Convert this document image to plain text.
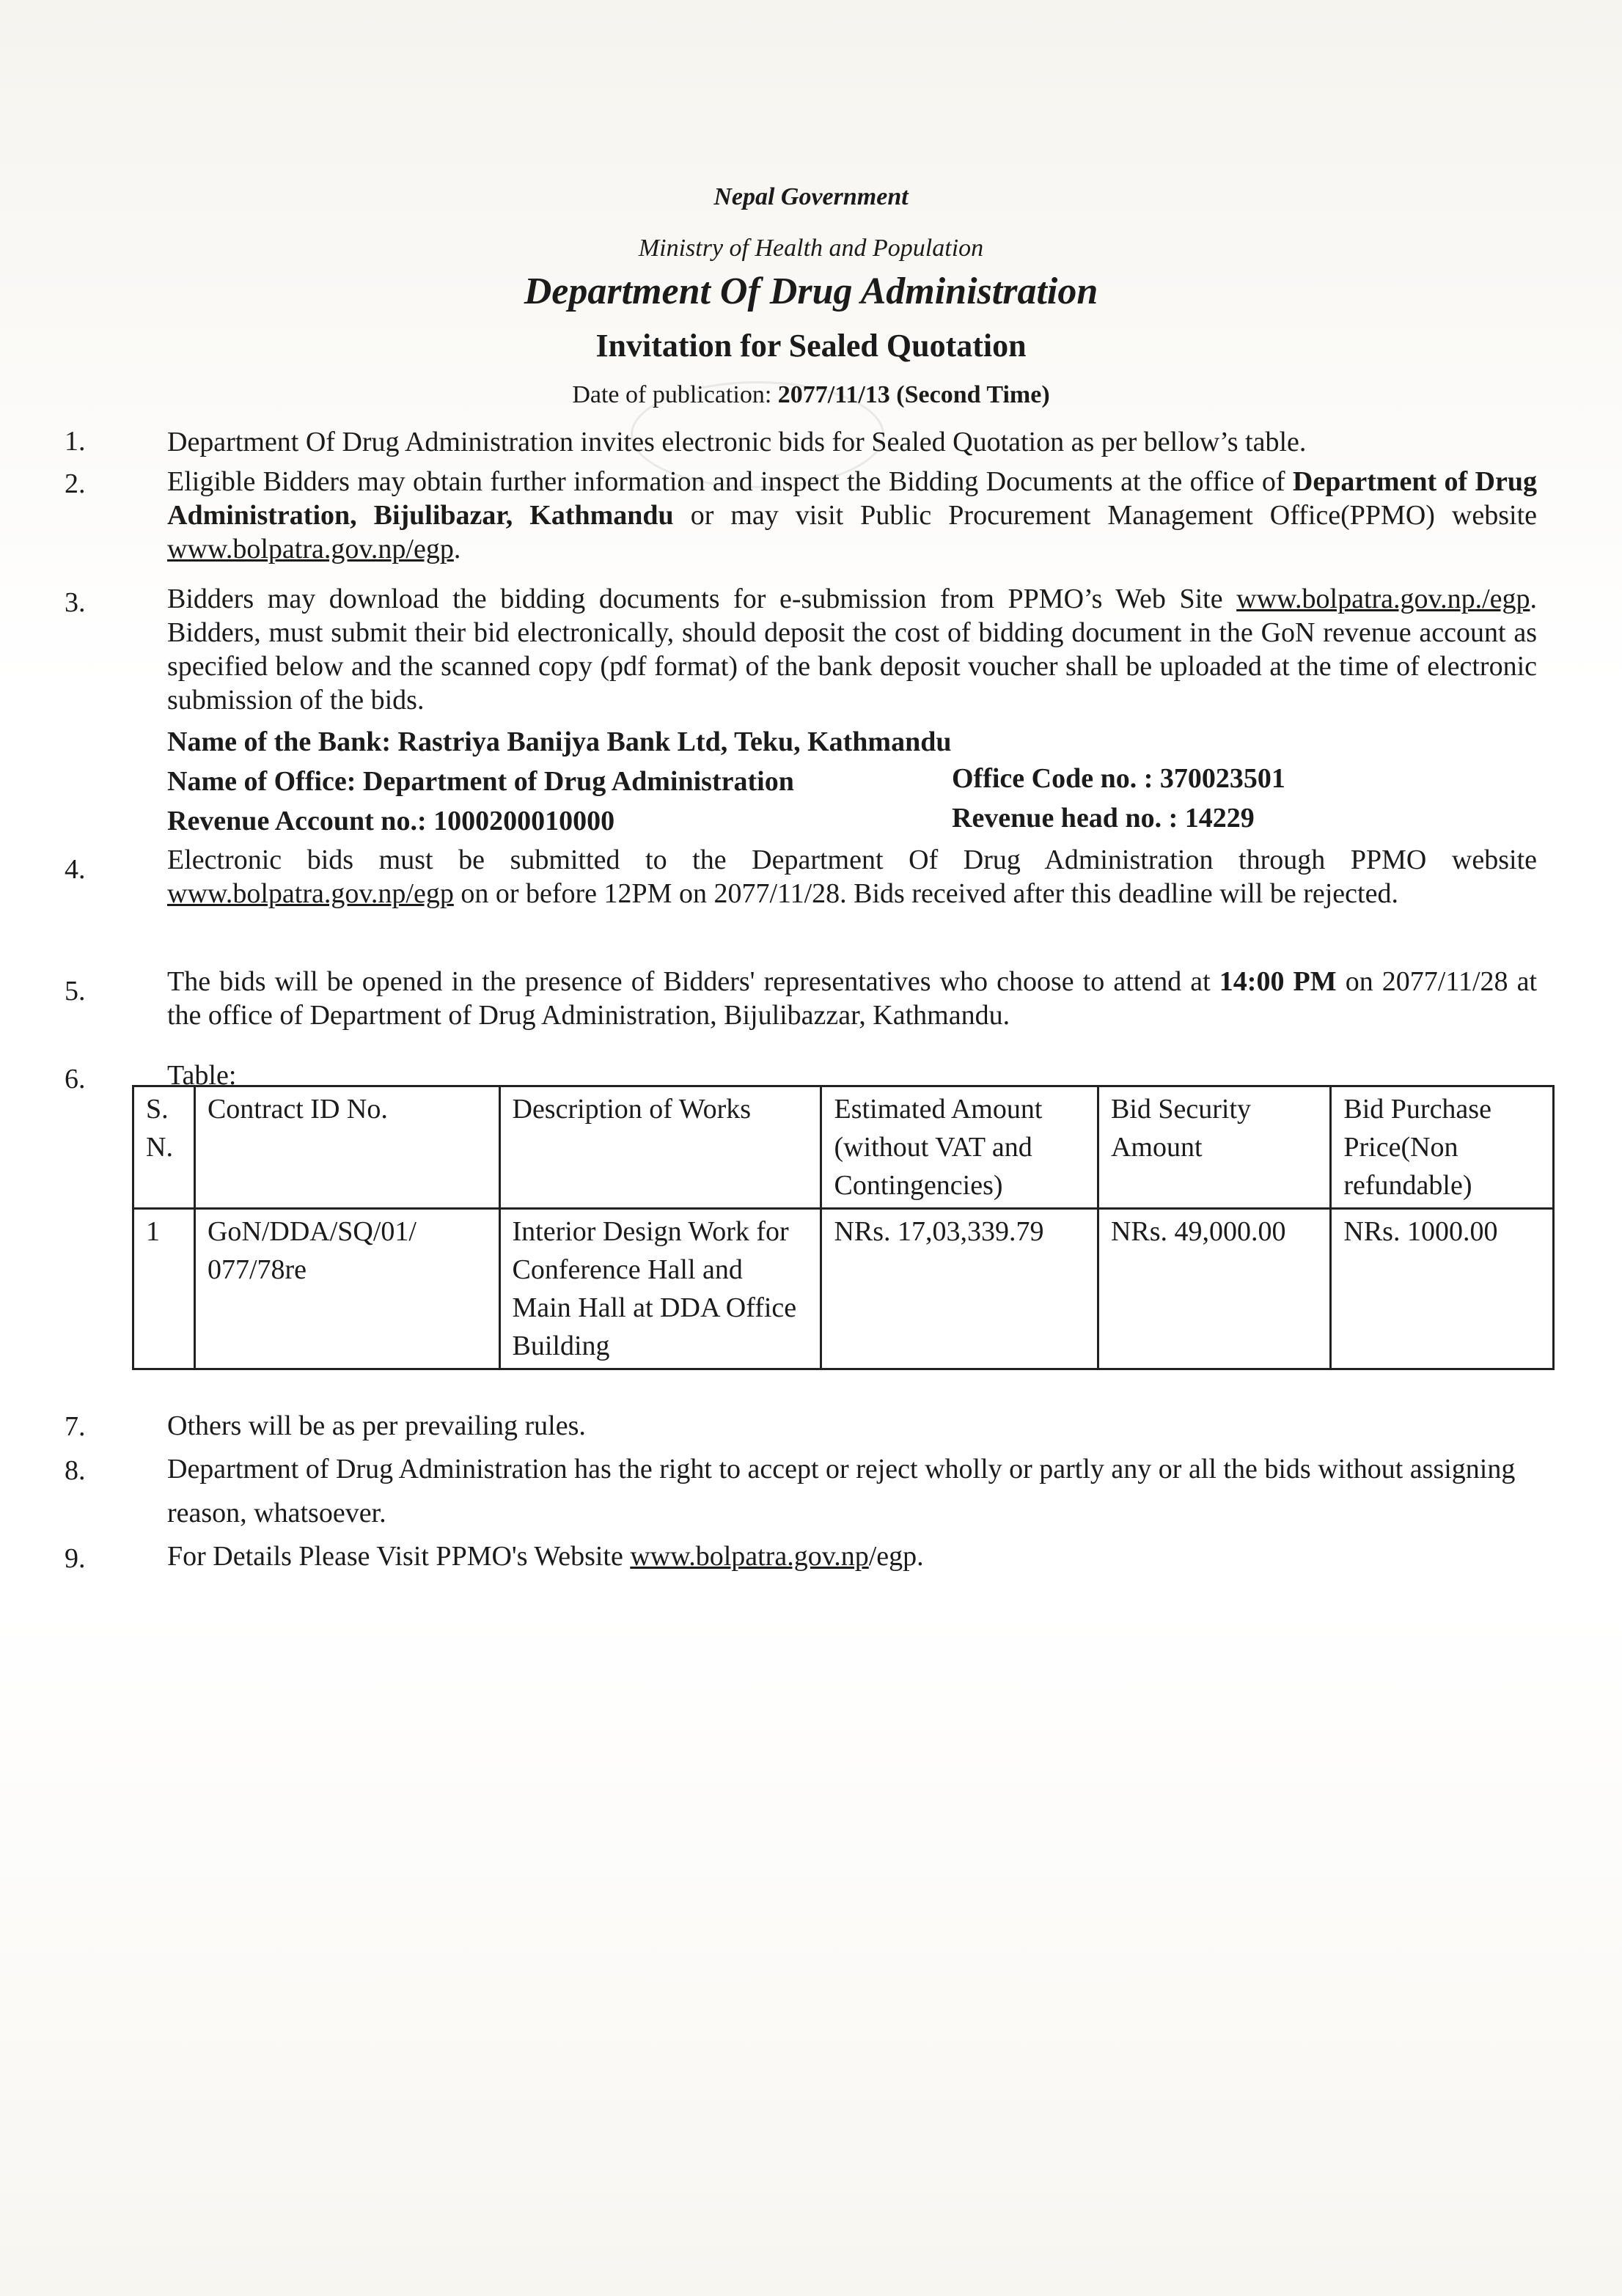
Nepal Government
Ministry of Health and Population
Department Of Drug Administration
Invitation for Sealed Quotation
Date of publication: 2077/11/13 (Second Time)
1.	Department Of Drug Administration invites electronic bids for Sealed Quotation as per bellow’s table.
2.	Eligible Bidders may obtain further information and inspect the Bidding Documents at the office of Department of Drug Administration, Bijulibazar, Kathmandu or may visit Public Procurement Management Office(PPMO) website www.bolpatra.gov.np/egp.
3.	Bidders may download the bidding documents for e-submission from PPMO’s Web Site www.bolpatra.gov.np./egp. Bidders, must submit their bid electronically, should deposit the cost of bidding document in the GoN revenue account as specified below and the scanned copy (pdf format) of the bank deposit voucher shall be uploaded at the time of electronic submission of the bids.
Name of the Bank: Rastriya Banijya Bank Ltd, Teku, Kathmandu
Name of Office: Department of Drug Administration	Office Code no. : 370023501
Revenue Account no.: 1000200010000	Revenue head no. : 14229
4.	Electronic bids must be submitted to the Department Of Drug Administration through PPMO website www.bolpatra.gov.np/egp on or before 12PM on 2077/11/28. Bids received after this deadline will be rejected.
5.	The bids will be opened in the presence of Bidders' representatives who choose to attend at 14:00 PM on 2077/11/28 at the office of Department of Drug Administration, Bijulibazzar, Kathmandu.
6.	Table:
S. N.	Contract ID No.	Description of Works	Estimated Amount (without VAT and Contingencies)	Bid Security Amount	Bid Purchase Price(Non refundable)
1	GoN/DDA/SQ/01/ 077/78re	Interior Design Work for Conference Hall and Main Hall at DDA Office Building	NRs. 17,03,339.79	NRs. 49,000.00	NRs. 1000.00
7.	Others will be as per prevailing rules.
8.	Department of Drug Administration has the right to accept or reject wholly or partly any or all the bids without assigning reason, whatsoever.
9.	For Details Please Visit PPMO's Website www.bolpatra.gov.np/egp.
